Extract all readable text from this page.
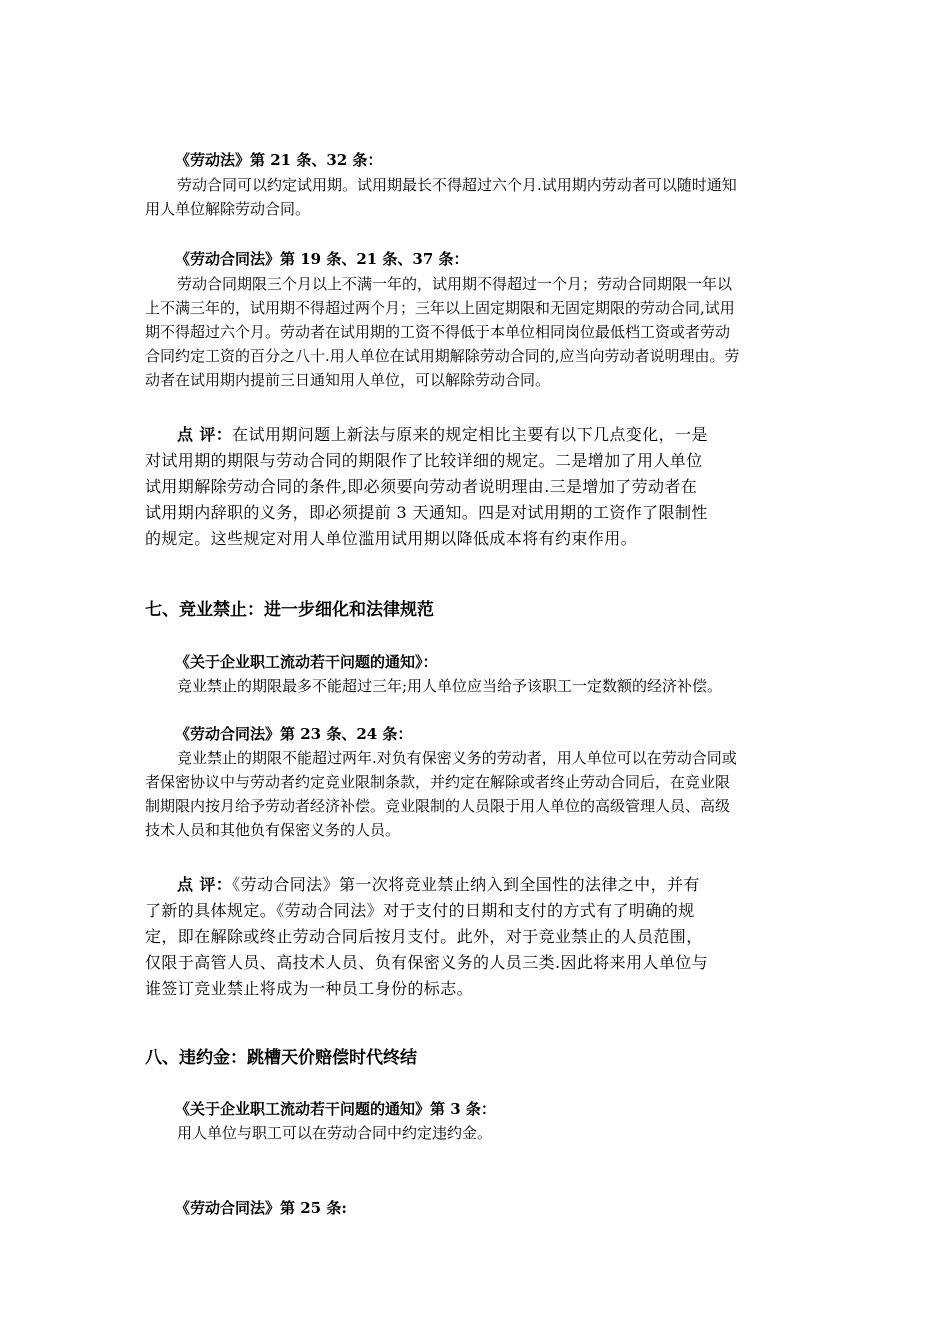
《劳动法》第 21 条、32 条：
劳动合同可以约定试用期。试用期最长不得超过六个月.试用期内劳动者可以随时通知
用人单位解除劳动合同。
《劳动合同法》第 19 条、21 条、37 条：
劳动合同期限三个月以上不满一年的，试用期不得超过一个月；劳动合同期限一年以
上不满三年的，试用期不得超过两个月；三年以上固定期限和无固定期限的劳动合同,试用
期不得超过六个月。劳动者在试用期的工资不得低于本单位相同岗位最低档工资或者劳动
合同约定工资的百分之八十.用人单位在试用期解除劳动合同的,应当向劳动者说明理由。劳
动者在试用期内提前三日通知用人单位，可以解除劳动合同。
点 评：在试用期问题上新法与原来的规定相比主要有以下几点变化，一是
对试用期的期限与劳动合同的期限作了比较详细的规定。二是增加了用人单位
试用期解除劳动合同的条件,即必须要向劳动者说明理由.三是增加了劳动者在
试用期内辞职的义务，即必须提前 3 天通知。四是对试用期的工资作了限制性
的规定。这些规定对用人单位滥用试用期以降低成本将有约束作用。
七、竞业禁止：进一步细化和法律规范
《关于企业职工流动若干问题的通知》：
竞业禁止的期限最多不能超过三年;用人单位应当给予该职工一定数额的经济补偿。
《劳动合同法》第 23 条、24 条：
竞业禁止的期限不能超过两年.对负有保密义务的劳动者，用人单位可以在劳动合同或
者保密协议中与劳动者约定竞业限制条款，并约定在解除或者终止劳动合同后，在竞业限
制期限内按月给予劳动者经济补偿。竞业限制的人员限于用人单位的高级管理人员、高级
技术人员和其他负有保密义务的人员。
点 评：《劳动合同法》第一次将竞业禁止纳入到全国性的法律之中，并有
了新的具体规定。《劳动合同法》对于支付的日期和支付的方式有了明确的规
定，即在解除或终止劳动合同后按月支付。此外，对于竞业禁止的人员范围，
仅限于高管人员、高技术人员、负有保密义务的人员三类.因此将来用人单位与
谁签订竞业禁止将成为一种员工身份的标志。
八、违约金：跳槽天价赔偿时代终结
《关于企业职工流动若干问题的通知》第 3 条：
用人单位与职工可以在劳动合同中约定违约金。
《劳动合同法》第 25 条:
